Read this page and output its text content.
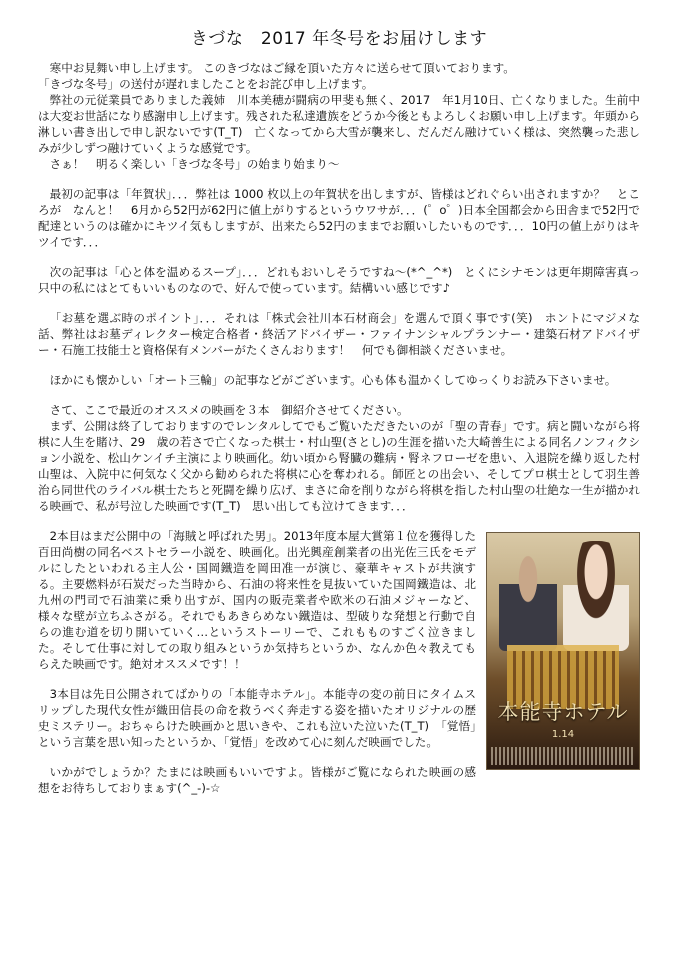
きづな　2017 年冬号をお届けします

寒中お見舞い申し上げます。 このきづなはご縁を頂いた方々に送らせて頂いております。

「きづな冬号」の送付が遅れましたことをお詫び申し上げます。

弊社の元従業員でありました義姉　川本美穂が闘病の甲斐も無く、2017　年1月10日、亡くなりました。生前中は大変お世話になり感謝申し上げます。残された私達遺族をどうか今後ともよろしくお願い申し上げます。年頭から淋しい書き出しで申し訳ないです(T_T)　亡くなってから大雪が襲来し、だんだん融けていく様は、突然襲った悲しみが少しずつ融けていくような感覚です。

さぁ！　明るく楽しい「きづな冬号」の始まり始まり～

最初の記事は「年賀状」．．．弊社は 1000 枚以上の年賀状を出しますが、皆様はどれぐらい出されますか？　ところが　なんと！　6月から52円が62円に値上がりするというウワサが．．．(゜o゜)日本全国都会から田舎まで52円で配達というのは確かにキツイ気もしますが、出来たら52円のままでお願いしたいものです．．．10円の値上がりはキツイです．．．

次の記事は「心と体を温めるスープ」．．．どれもおいしそうですね～(*^_^*)　とくにシナモンは更年期障害真っ只中の私にはとてもいいものなので、好んで使っています。結構いい感じです♪

「お墓を選ぶ時のポイント」．．．それは「株式会社川本石材商会」を選んで頂く事です(笑)　ホントにマジメな話、弊社はお墓ディレクター検定合格者・終活アドバイザー・ファイナンシャルプランナー・建築石材アドバイザー・石施工技能士と資格保有メンバーがたくさんおります！　何でも御相談くださいませ。

ほかにも懐かしい「オート三輪」の記事などがございます。心も体も温かくしてゆっくりお読み下さいませ。

さて、ここで最近のオススメの映画を３本　御紹介させてください。

まず、公開は終了しておりますのでレンタルしてでもご覧いただきたいのが「聖の青春」です。病と闘いながら将棋に人生を賭け、29　歳の若さで亡くなった棋士・村山聖(さとし)の生涯を描いた大崎善生による同名ノンフィクション小説を、松山ケンイチ主演により映画化。幼い頃から腎臓の難病・腎ネフローゼを患い、入退院を繰り返した村山聖は、入院中に何気なく父から勧められた将棋に心を奪われる。師匠との出会い、そしてプロ棋士として羽生善治ら同世代のライバル棋士たちと死闘を繰り広げ、まさに命を削りながら将棋を指した村山聖の壮絶な一生が描かれる映画で、私が号泣した映画です(T_T)　思い出しても泣けてきます．．．

本能寺ホテル
1.14

2本目はまだ公開中の「海賊と呼ばれた男」。2013年度本屋大賞第１位を獲得した百田尚樹の同名ベストセラー小説を、映画化。出光興産創業者の出光佐三氏をモデルにしたといわれる主人公・国岡鐵造を岡田准一が演じ、豪華キャストが共演する。主要燃料が石炭だった当時から、石油の将来性を見抜いていた国岡鐵造は、北九州の門司で石油業に乗り出すが、国内の販売業者や欧米の石油メジャーなど、様々な壁が立ちふさがる。それでもあきらめない鐵造は、型破りな発想と行動で自らの進む道を切り開いていく…というストーリーで、これもものすごく泣きました。そして仕事に対しての取り組みというか気持ちというか、なんか色々教えてもらえた映画です。絶対オススメです！！

3本目は先日公開されてばかりの「本能寺ホテル」。本能寺の変の前日にタイムスリップした現代女性が織田信長の命を救うべく奔走する姿を描いたオリジナルの歴史ミステリー。おちゃらけた映画かと思いきや、これも泣いた泣いた(T_T)　「覚悟」という言葉を思い知ったというか、「覚悟」を改めて心に刻んだ映画でした。

いかがでしょうか？たまには映画もいいですよ。皆様がご覧になられた映画の感想をお待ちしておりまぁす(^_-)-☆
